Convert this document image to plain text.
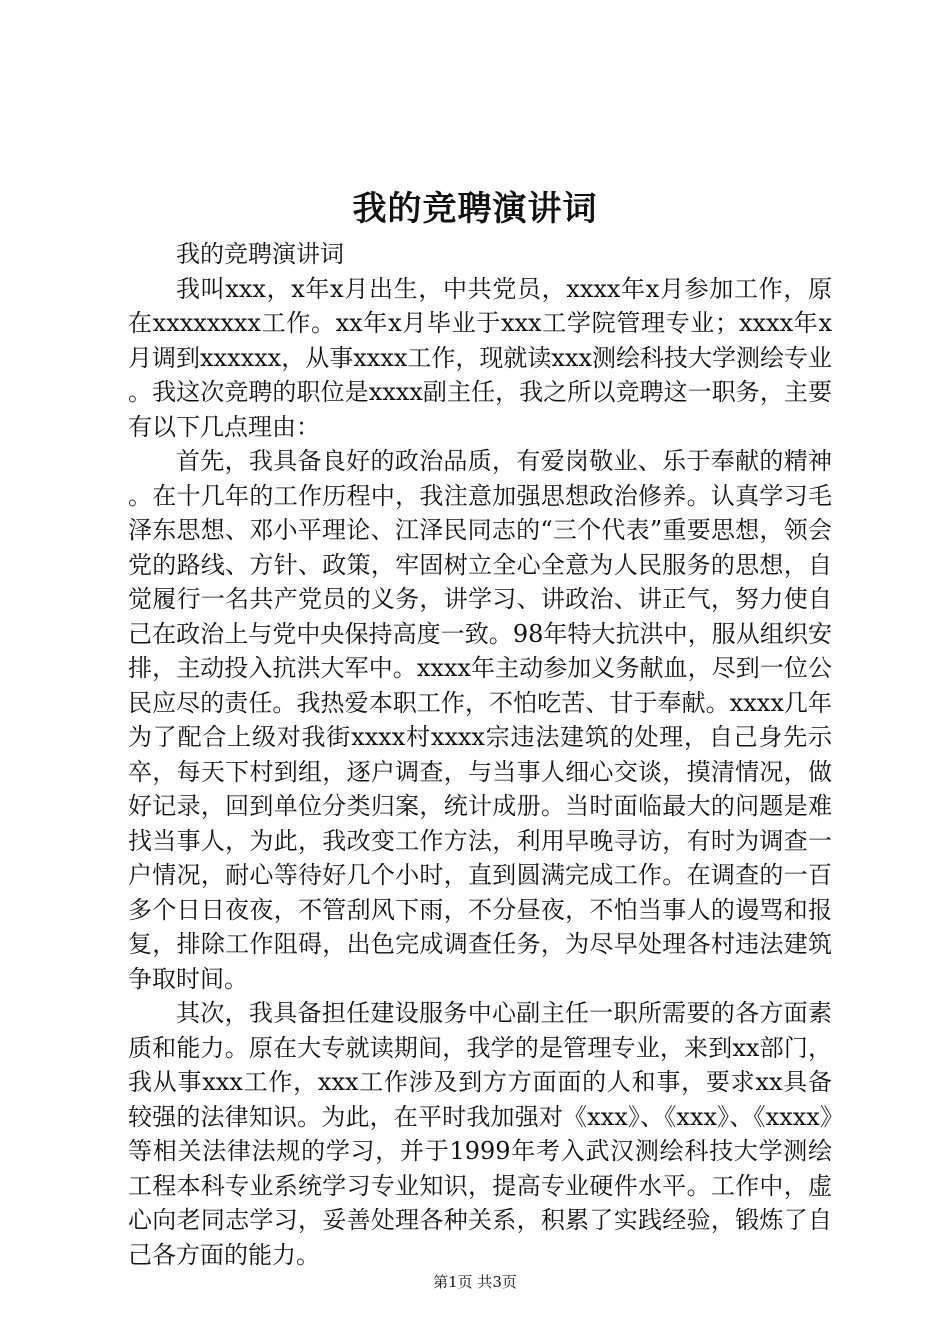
我的竞聘演讲词

我的竞聘演讲词

我叫xxx，x年x月出生，中共党员，xxxx年x月参加工作，原在xxxxxxxx工作。xx年x月毕业于xxx工学院管理专业；xxxx年x月调到xxxxxx，从事xxxx工作，现就读xxx测绘科技大学测绘专业。我这次竞聘的职位是xxxx副主任，我之所以竞聘这一职务，主要有以下几点理由：

首先，我具备良好的政治品质，有爱岗敬业、乐于奉献的精神。在十几年的工作历程中，我注意加强思想政治修养。认真学习毛泽东思想、邓小平理论、江泽民同志的“三个代表”重要思想，领会党的路线、方针、政策，牢固树立全心全意为人民服务的思想，自觉履行一名共产党员的义务，讲学习、讲政治、讲正气，努力使自己在政治上与党中央保持高度一致。98年特大抗洪中，服从组织安排，主动投入抗洪大军中。xxxx年主动参加义务献血，尽到一位公民应尽的责任。我热爱本职工作，不怕吃苦、甘于奉献。xxxx几年为了配合上级对我街xxxx村xxxx宗违法建筑的处理，自己身先示卒，每天下村到组，逐户调查，与当事人细心交谈，摸清情况，做好记录，回到单位分类归案，统计成册。当时面临最大的问题是难找当事人，为此，我改变工作方法，利用早晚寻访，有时为调查一户情况，耐心等待好几个小时，直到圆满完成工作。在调查的一百多个日日夜夜，不管刮风下雨，不分昼夜，不怕当事人的谩骂和报复，排除工作阻碍，出色完成调查任务，为尽早处理各村违法建筑争取时间。

其次，我具备担任建设服务中心副主任一职所需要的各方面素质和能力。原在大专就读期间，我学的是管理专业，来到xx部门，我从事xxx工作，xxx工作涉及到方方面面的人和事，要求xx具备较强的法律知识。为此，在平时我加强对《xxx》、《xxx》、《xxxx》等相关法律法规的学习，并于1999年考入武汉测绘科技大学测绘工程本科专业系统学习专业知识，提高专业硬件水平。工作中，虚心向老同志学习，妥善处理各种关系，积累了实践经验，锻炼了自己各方面的能力。

第1页 共3页
